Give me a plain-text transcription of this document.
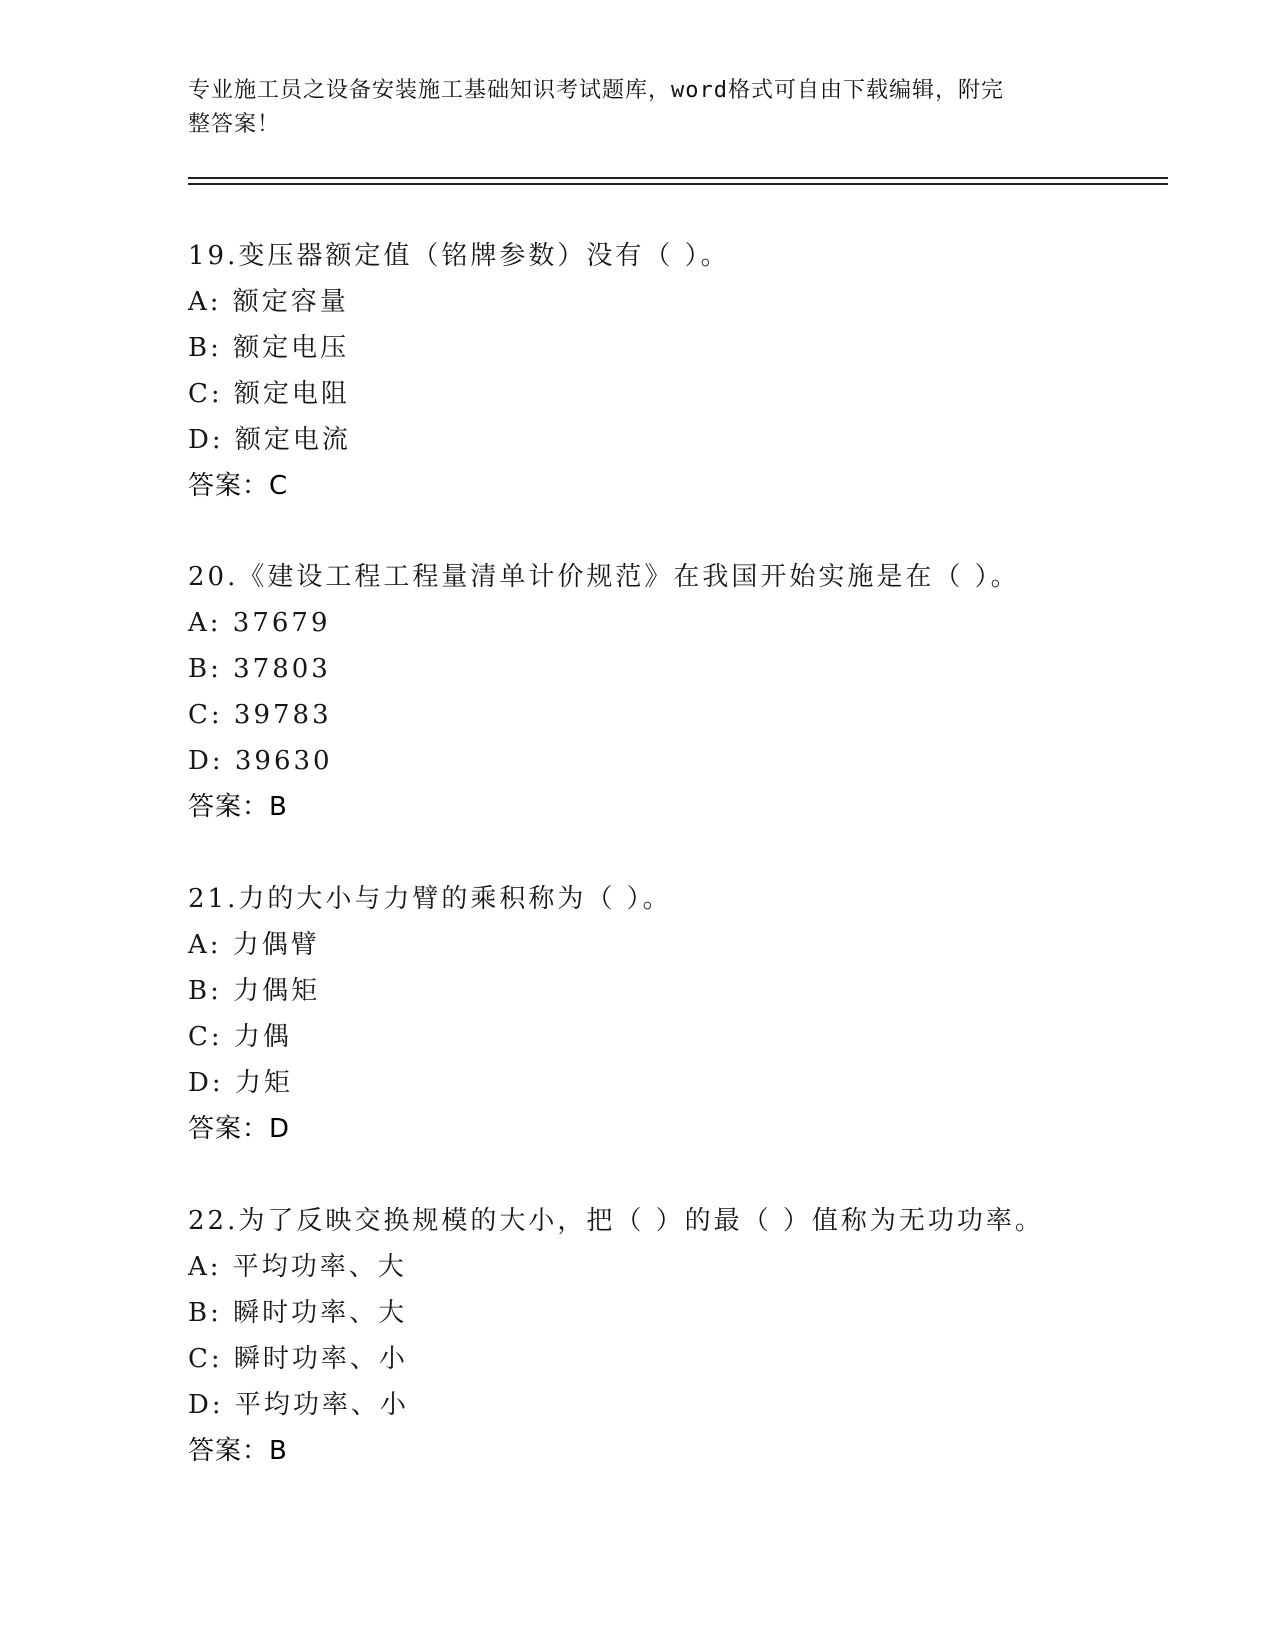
专业施工员之设备安装施工基础知识考试题库，word格式可自由下载编辑，附完
整答案！
19.变压器额定值（铭牌参数）没有（ ）。
A: 额定容量
B: 额定电压
C: 额定电阻
D: 额定电流
答案：C
20.《建设工程工程量清单计价规范》在我国开始实施是在（ ）。
A: 37679
B: 37803
C: 39783
D: 39630
答案：B
21.力的大小与力臂的乘积称为（ ）。
A: 力偶臂
B: 力偶矩
C: 力偶
D: 力矩
答案：D
22.为了反映交换规模的大小，把（ ）的最（ ）值称为无功功率。
A: 平均功率、大
B: 瞬时功率、大
C: 瞬时功率、小
D: 平均功率、小
答案：B
